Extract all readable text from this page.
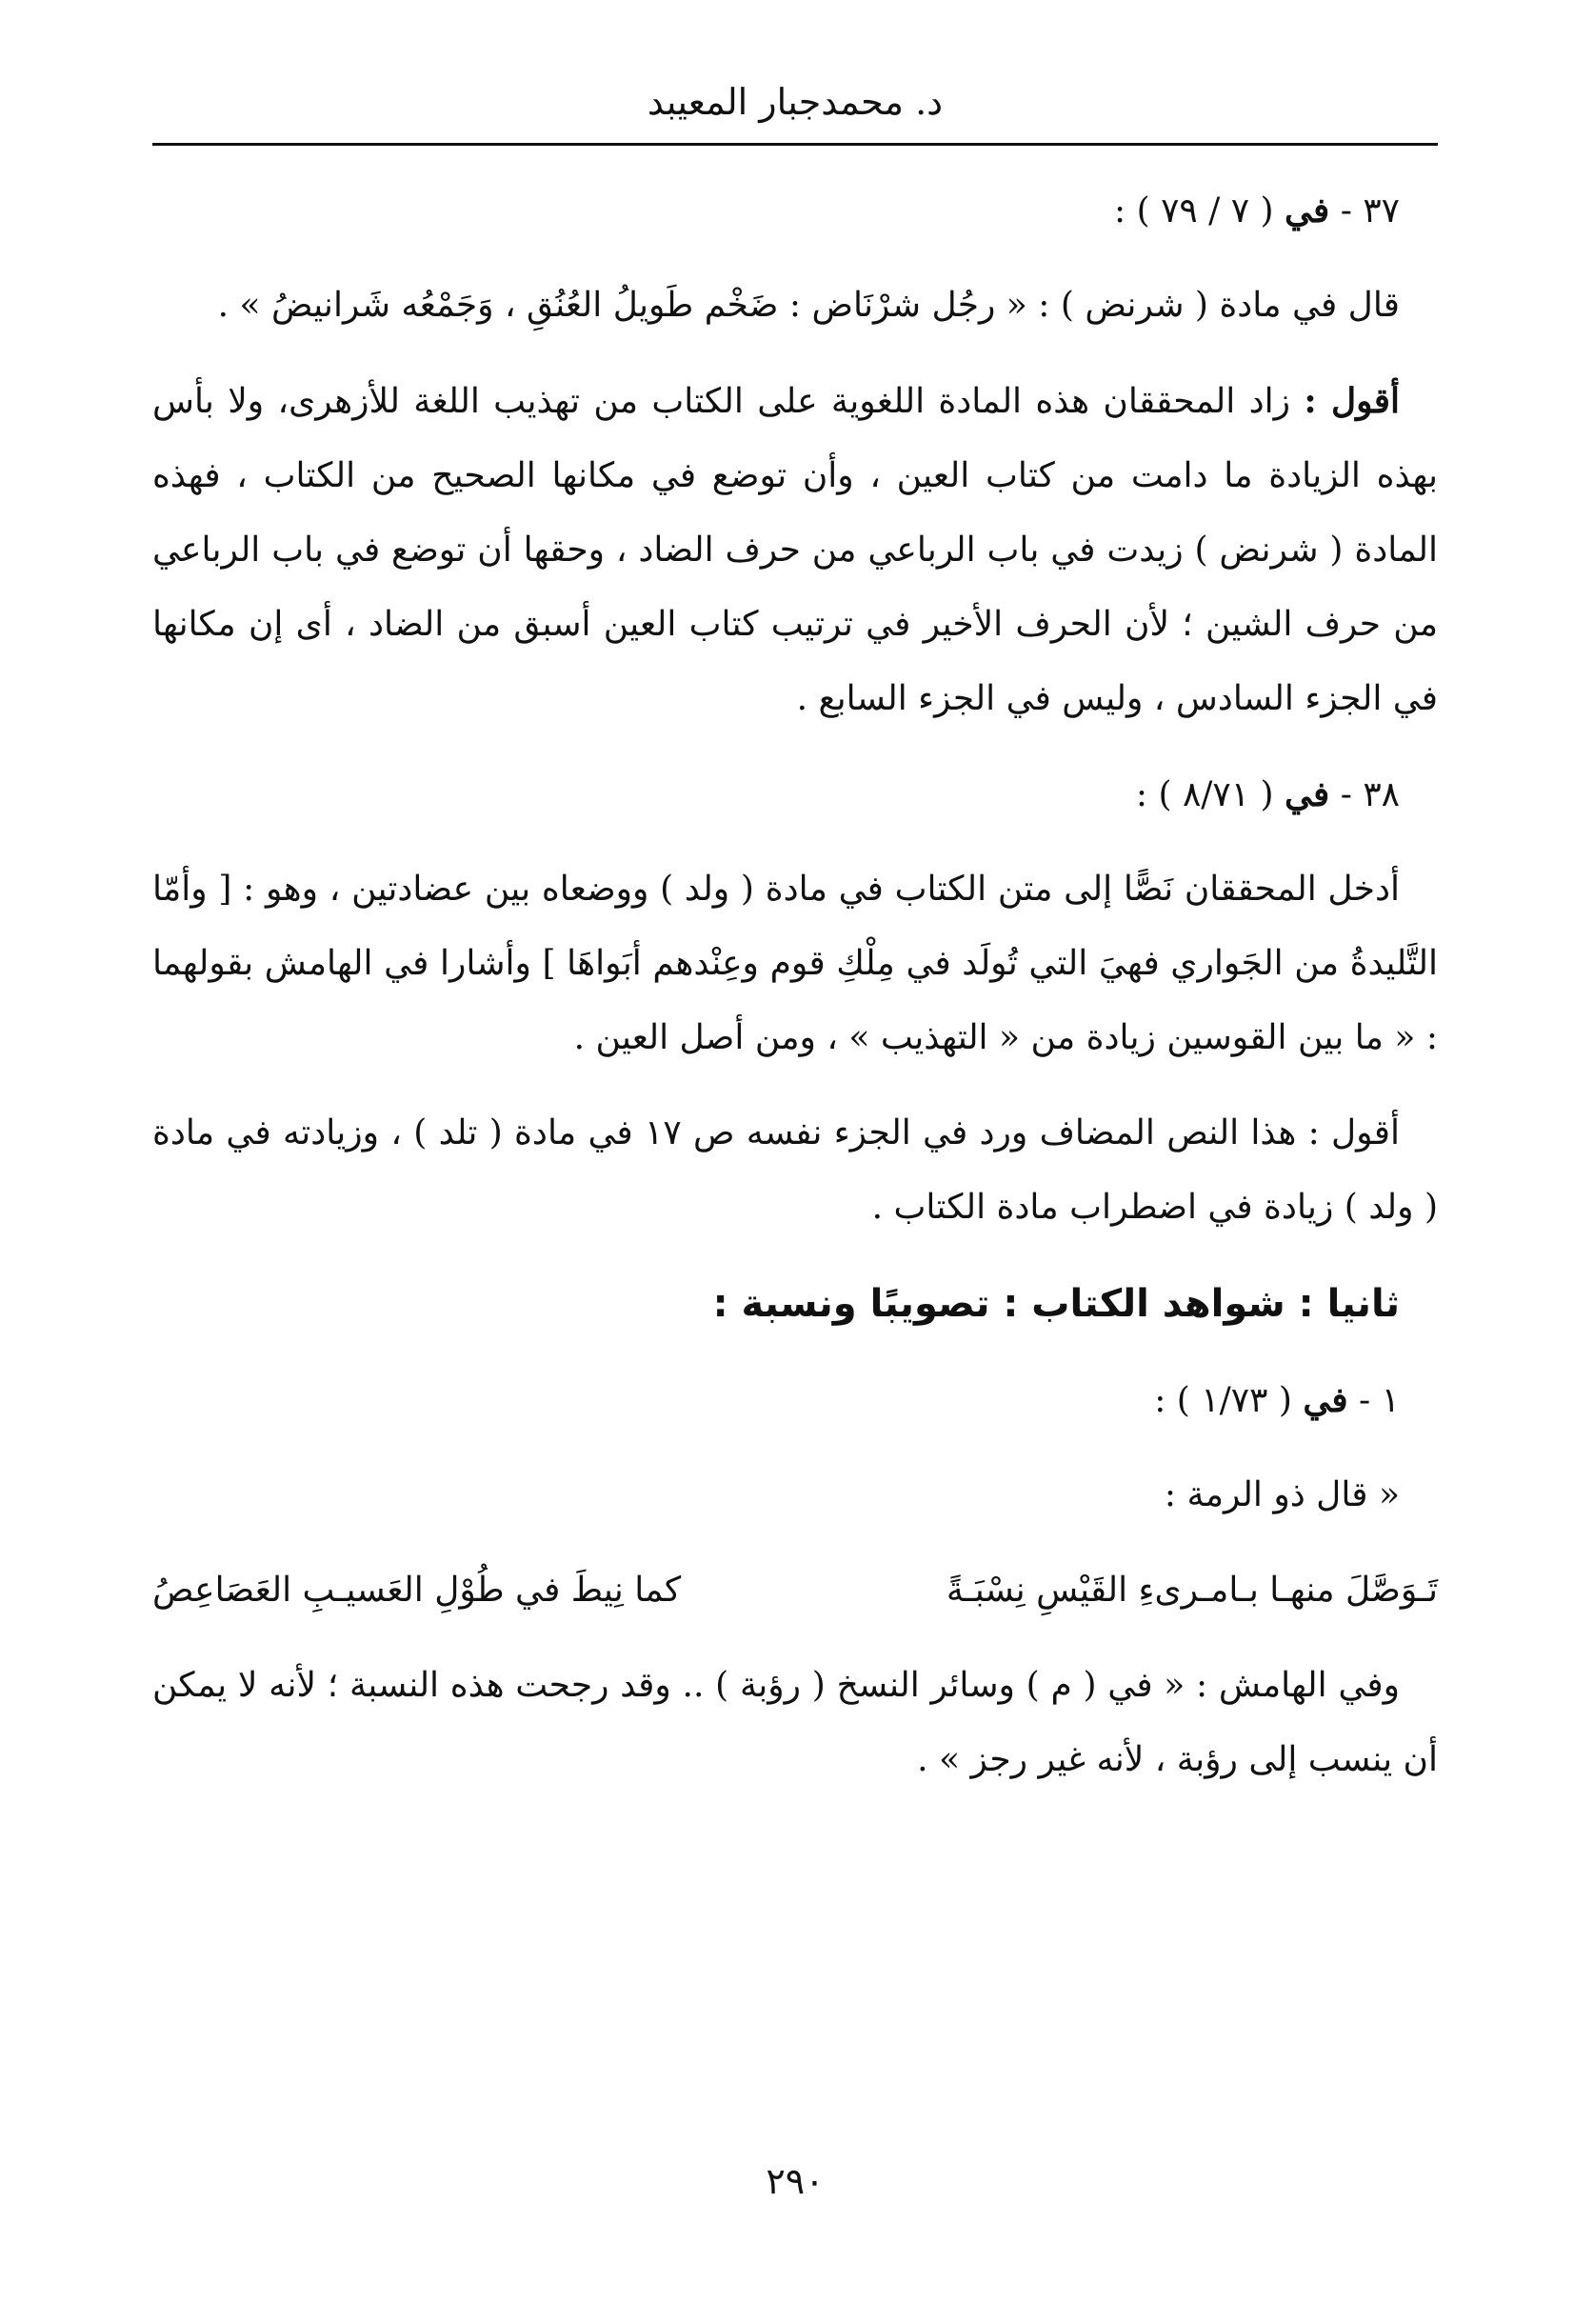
د. محمدجبار المعيبد
٣٧ - في ( ٧ / ٧٩ ) :

قال في مادة ( شرنض ) : « رجُل شرْنَاض : ضَخْم طَويلُ العُنُقِ ، وَجَمْعُه شَرانيضُ » .

أقول : زاد المحققان هذه المادة اللغوية على الكتاب من تهذيب اللغة للأزهرى، ولا بأس بهذه الزيادة ما دامت من كتاب العين ، وأن توضع في مكانها الصحيح من الكتاب ، فهذه المادة ( شرنض ) زيدت في باب الرباعي من حرف الضاد ، وحقها أن توضع في باب الرباعي من حرف الشين ؛ لأن الحرف الأخير في ترتيب كتاب العين أسبق من الضاد ، أى إن مكانها في الجزء السادس ، وليس في الجزء السابع .

٣٨ - في ( ٨/٧١ ) :

أدخل المحققان نَصًّا إلى متن الكتاب في مادة ( ولد ) ووضعاه بين عضادتين ، وهو : [ وأمّا التَّليدةُ من الجَواري فهيَ التي تُولَد في مِلْكِ قوم وعِنْدهم أبَواهَا ] وأشارا في الهامش بقولهما : « ما بين القوسين زيادة من « التهذيب » ، ومن أصل العين .

أقول : هذا النص المضاف ورد في الجزء نفسه ص ١٧ في مادة ( تلد ) ، وزيادته في مادة ( ولد ) زيادة في اضطراب مادة الكتاب .

ثانيا : شواهد الكتاب : تصويبًا ونسبة :
١ - في ( ١/٧٣ ) :
« قال ذو الرمة :
تَـوَصَّلَ منهـا بـامـرىءِ القَيْسِ نِسْبَـةً
كما نِيطَ في طُوْلِ العَسيـبِ العَصَاعِصُ

وفي الهامش : « في ( م ) وسائر النسخ ( رؤبة ) .. وقد رجحت هذه النسبة ؛ لأنه لا يمكن أن ينسب إلى رؤبة ، لأنه غير رجز » .

٢٩٠
